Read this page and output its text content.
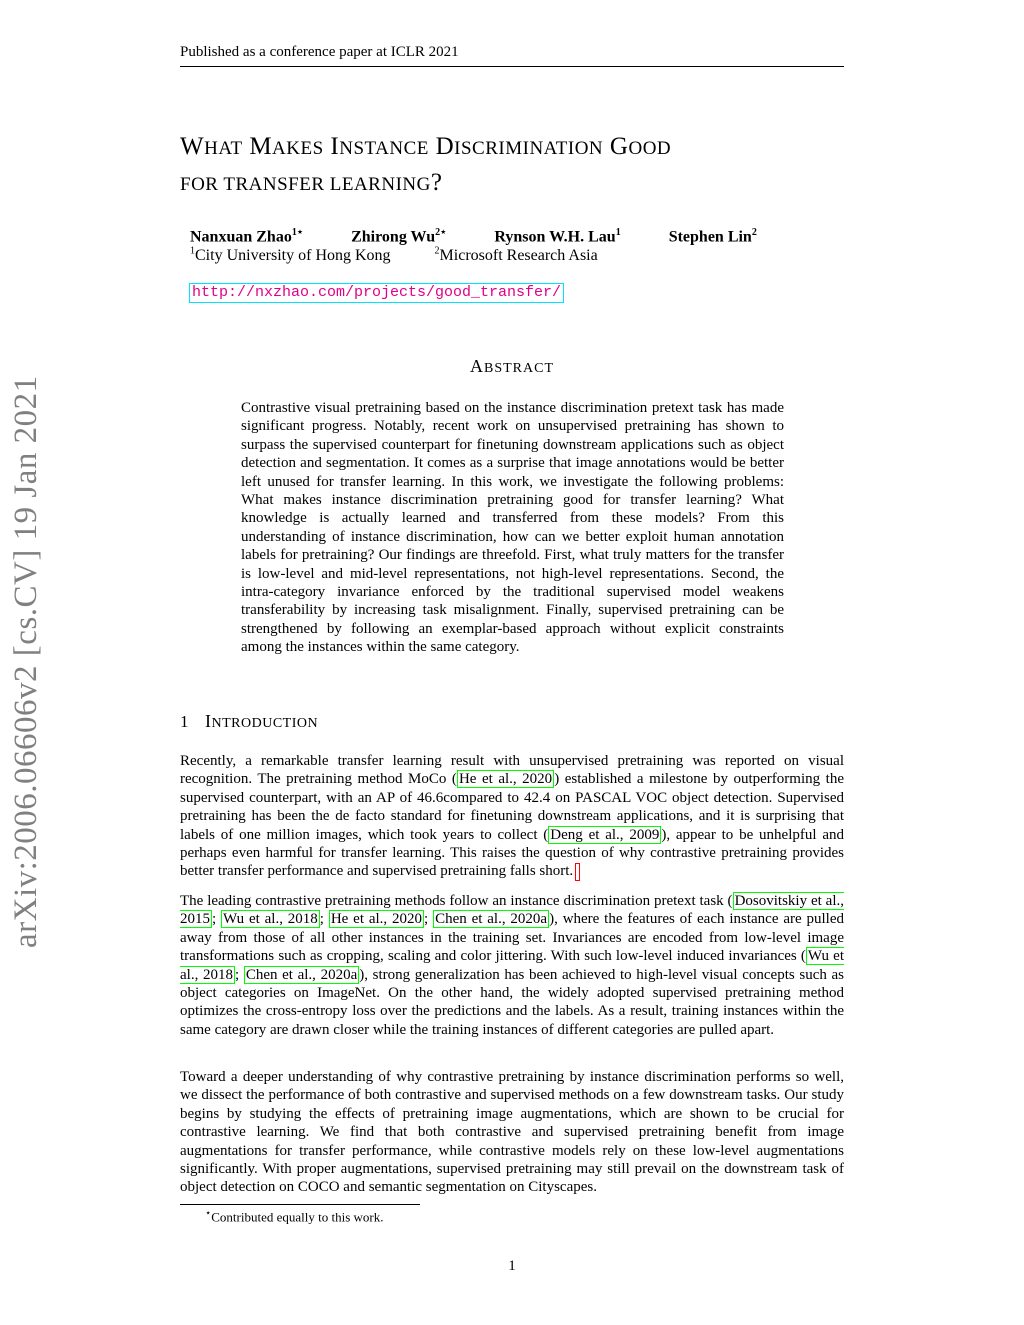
Published as a conference paper at ICLR 2021
arXiv:2006.06606v2 [cs.CV] 19 Jan 2021
WHAT MAKES INSTANCE DISCRIMINATION GOOD
FOR TRANSFER LEARNING?
Nanxuan Zhao$^{1⋆}$	Zhirong $Wu^{2⋆}$	Rynson W.H. Lau$^1$	Stephen Lin$^2$
$^1$City University of Hong Kong	$^2$Microsoft Research Asia
http://nxzhao.com/projects/good_transfer/
ABSTRACT
Contrastive visual pretraining based on the instance discrimination pretext task has made significant progress. Notably, recent work on unsupervised pretraining has shown to surpass the supervised counterpart for finetuning downstream applications such as object detection and segmentation. It comes as a surprise that image annotations would be better left unused for transfer learning. In this work, we investigate the following problems: What makes instance discrimination pretraining good for transfer learning? What knowledge is actually learned and transferred from these models? From this understanding of instance discrimination, how can we better exploit human annotation labels for pretraining? Our findings are threefold. First, what truly matters for the transfer is low-level and mid-level representations, not high-level representations. Second, the intra-category invariance enforced by the traditional supervised model weakens transferability by increasing task misalignment. Finally, supervised pretraining can be strengthened by following an exemplar-based approach without explicit constraints among the instances within the same category.
1 INTRODUCTION
Recently, a remarkable transfer learning result with unsupervised pretraining was reported on visual recognition. The pretraining method MoCo ( He et al., 2020 ) established a milestone by outperforming the supervised counterpart, with an AP of 46.6compared to 42.4 on PASCAL VOC object detection. Supervised pretraining has been the de facto standard for finetuning downstream applications, and it is surprising that labels of one million images, which took years to collect ( Deng et al., 2009 ), appear to be unhelpful and perhaps even harmful for transfer learning. This raises the question of why contrastive pretraining provides better transfer performance and supervised pretraining falls short.
The leading contrastive pretraining methods follow an instance discrimination pretext task ( Dosovitskiy et al., 2015 ; Wu et al., 2018 ; He et al., 2020 ; Chen et al., 2020a ), where the features of each instance are pulled away from those of all other instances in the training set. Invariances are encoded from low-level image transformations such as cropping, scaling and color jittering. With such low-level induced invariances ( Wu et al., 2018 ; Chen et al., 2020a ), strong generalization has been achieved to high-level visual concepts such as object categories on ImageNet. On the other hand, the widely adopted supervised pretraining method optimizes the cross-entropy loss over the predictions and the labels. As a result, training instances within the same category are drawn closer while the training instances of different categories are pulled apart.
Toward a deeper understanding of why contrastive pretraining by instance discrimination performs so well, we dissect the performance of both contrastive and supervised methods on a few downstream tasks. Our study begins by studying the effects of pretraining image augmentations, which are shown to be crucial for contrastive learning. We find that both contrastive and supervised pretraining benefit from image augmentations for transfer performance, while contrastive models rely on these low-level augmentations significantly. With proper augmentations, supervised pretraining may still prevail on the downstream task of object detection on COCO and semantic segmentation on Cityscapes.
⋆Contributed equally to this work.
1
